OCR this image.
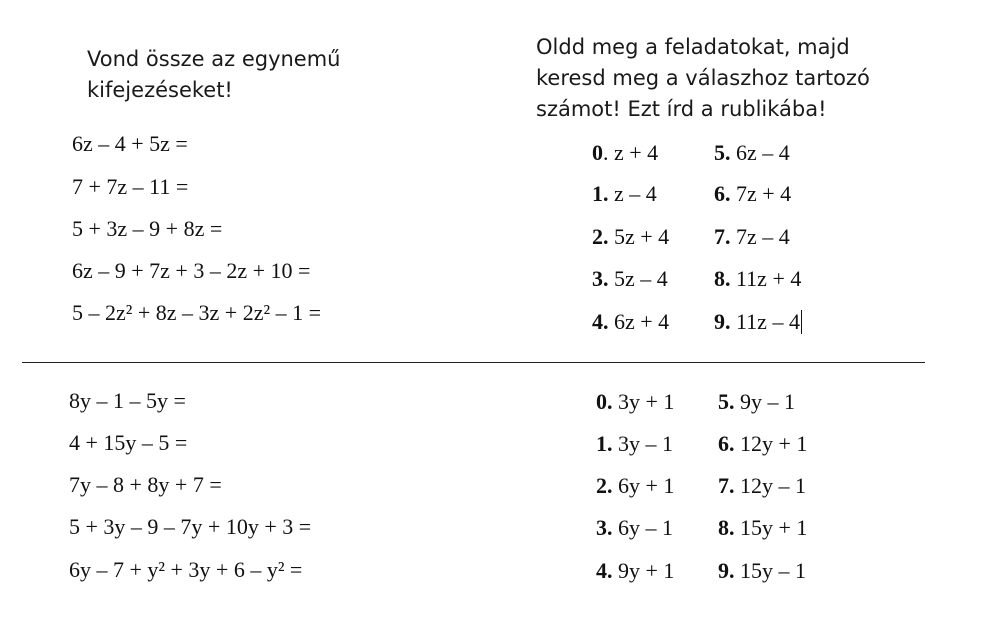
Vond össze az egynemű kifejezéseket!
Oldd meg a feladatokat, majd keresd meg a válaszhoz tartozó számot! Ezt írd a rublikába!
6z – 4 + 5z =
7 + 7z – 11 =
5 + 3z – 9 + 8z =
6z – 9 + 7z + 3 – 2z + 10 =
5 – 2z² + 8z – 3z + 2z² – 1 =
0. z + 4
1. z – 4
2. 5z + 4
3. 5z – 4
4. 6z + 4
5. 6z – 4
6. 7z + 4
7. 7z – 4
8. 11z + 4
9. 11z – 4
8y – 1 – 5y =
4 + 15y – 5 =
7y – 8 + 8y + 7 =
5 + 3y – 9 – 7y + 10y + 3 =
6y – 7 + y² + 3y + 6 – y² =
0. 3y + 1
1. 3y – 1
2. 6y + 1
3. 6y – 1
4. 9y + 1
5. 9y – 1
6. 12y + 1
7. 12y – 1
8. 15y + 1
9. 15y – 1
